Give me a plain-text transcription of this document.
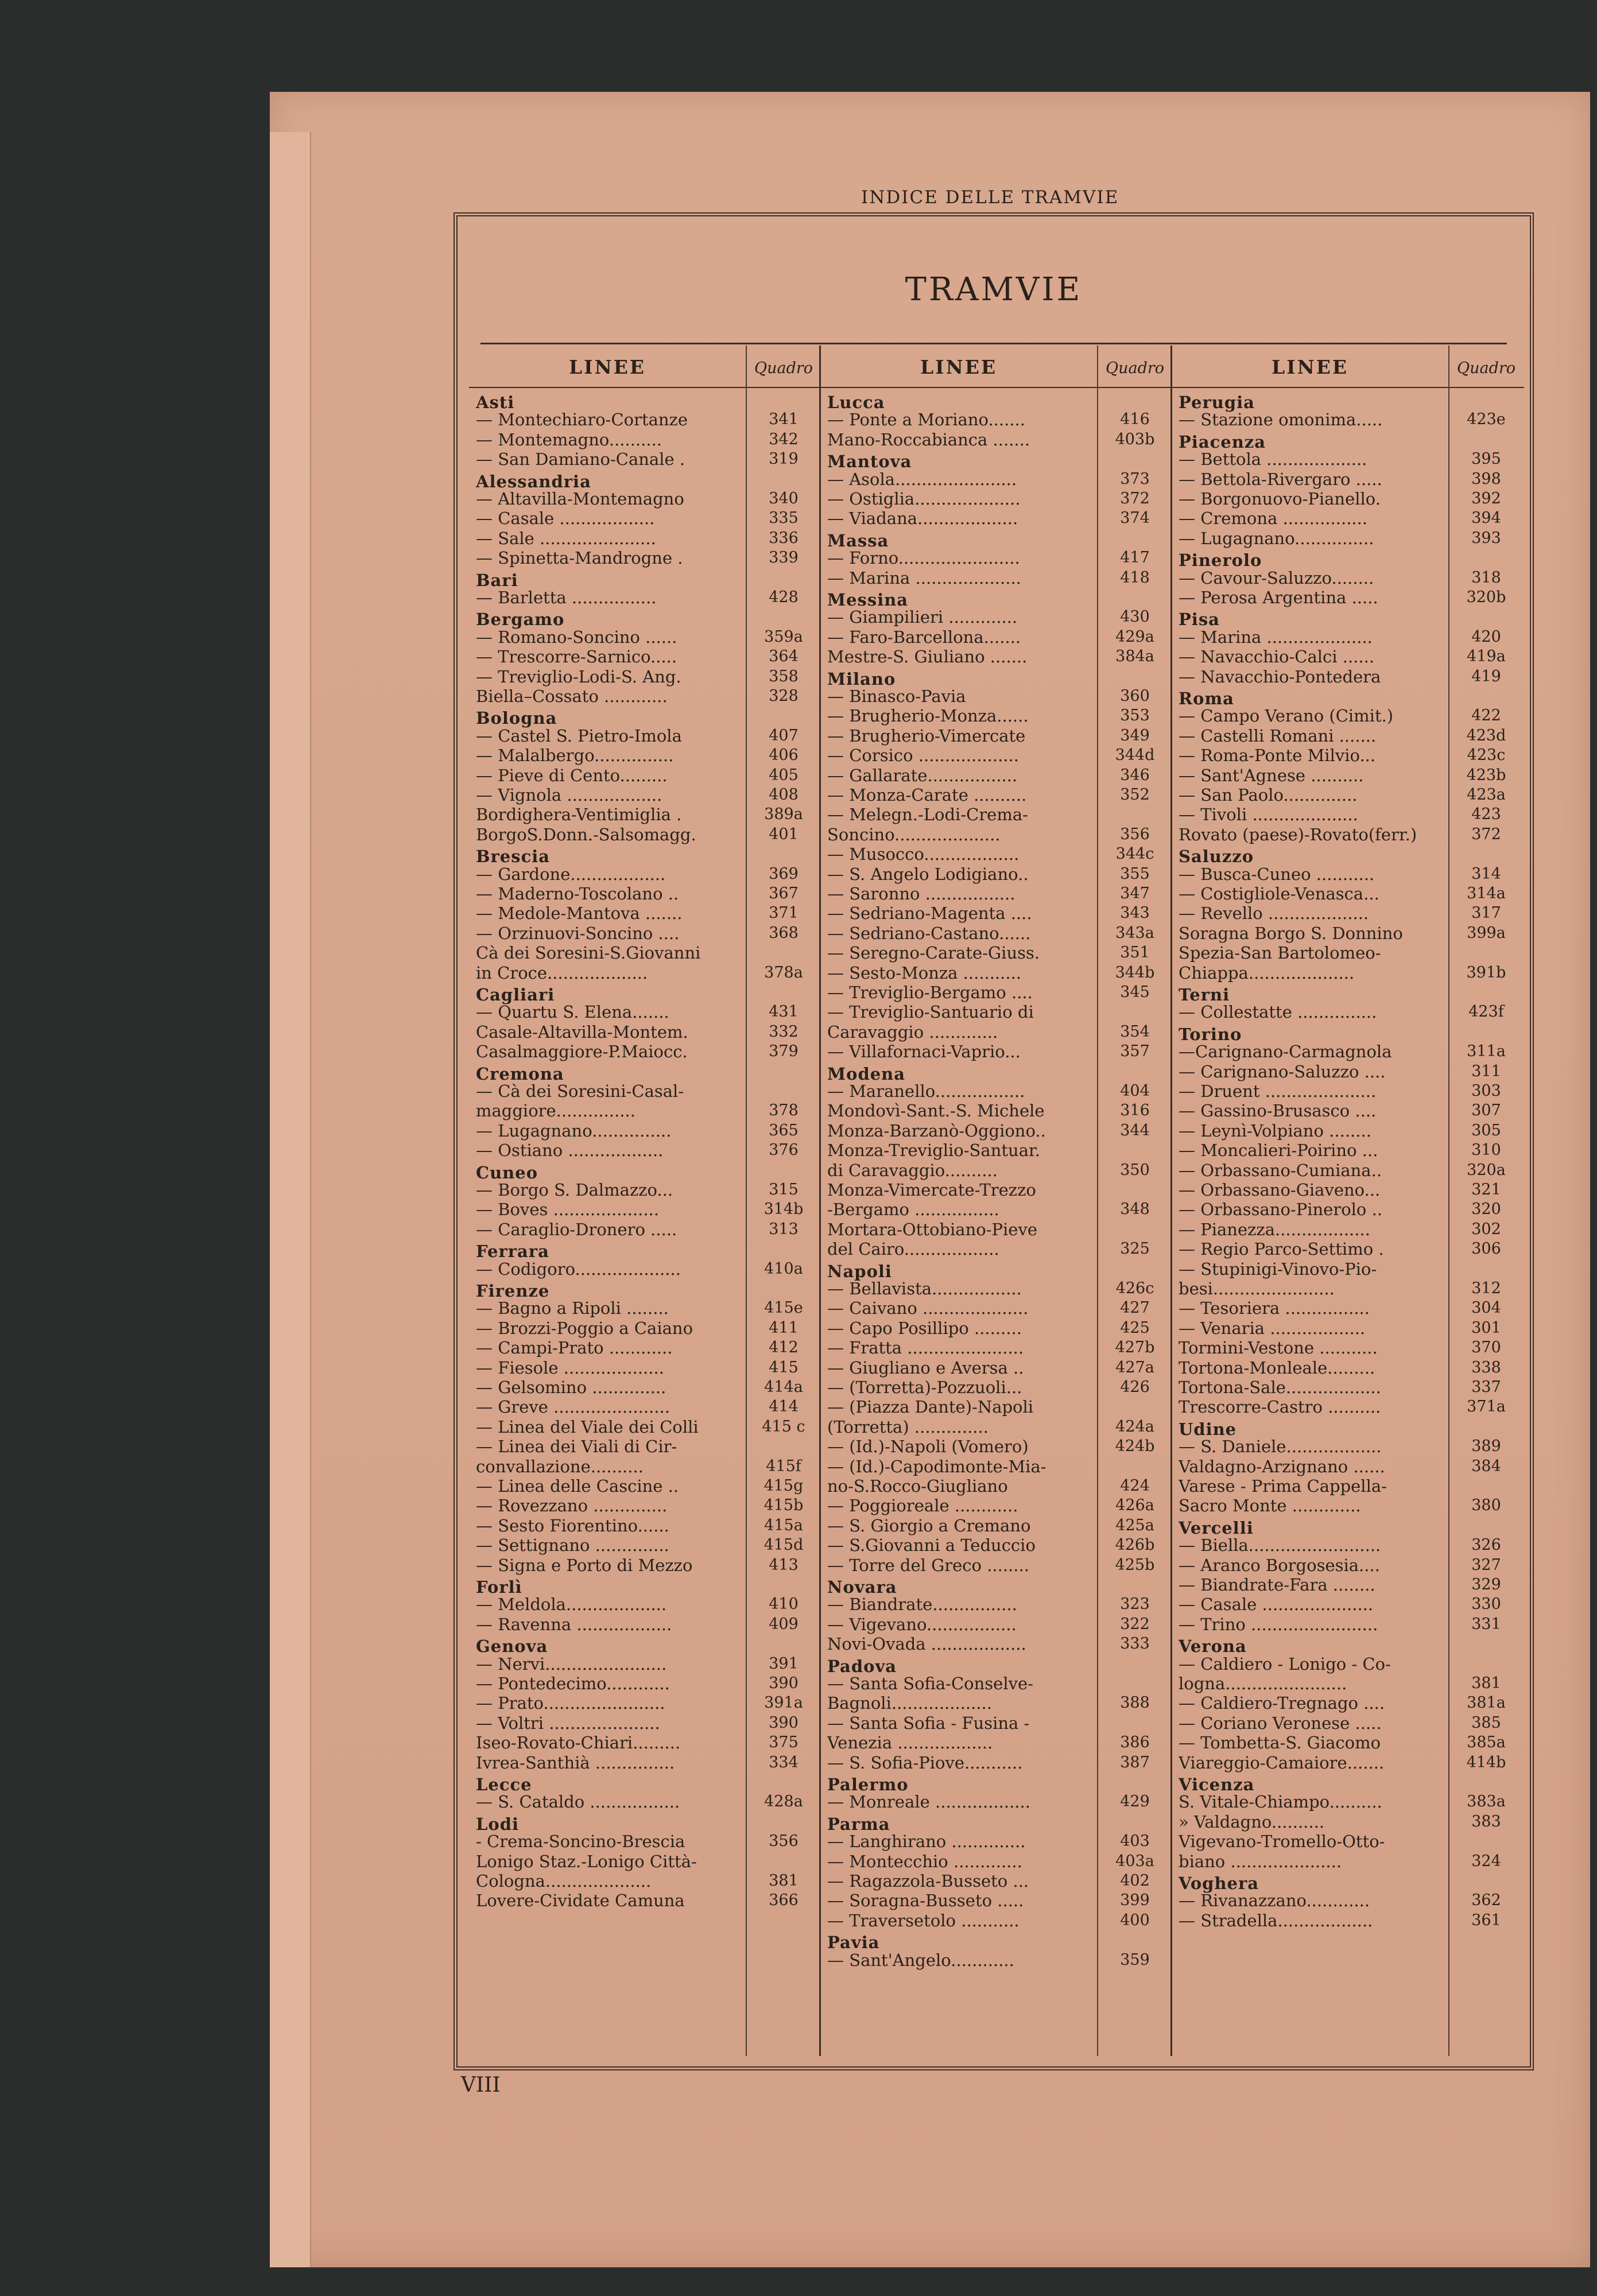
INDICE DELLE TRAMVIE
TRAMVIE
LINEE	Quadro
Asti
— Montechiaro-Cortanze	341
— Montemagno..........	342
— San Damiano-Canale .	319
Alessandria
— Altavilla-Montemagno	340
— Casale ..................	335
— Sale ......................	336
— Spinetta-Mandrogne .	339
Bari
— Barletta ................	428
Bergamo
— Romano-Soncino ......	359a
— Trescorre-Sarnico.....	364
— Treviglio-Lodi-S. Ang.	358
Biella–Cossato ............	328
Bologna
— Castel S. Pietro-Imola	407
— Malalbergo...............	406
— Pieve di Cento.........	405
— Vignola ..................	408
Bordighera-Ventimiglia .	389a
BorgoS.Donn.-Salsomagg.	401
Brescia
— Gardone..................	369
— Maderno-Toscolano ..	367
— Medole-Mantova .......	371
— Orzinuovi-Soncino ....	368
Cà dei Soresini-S.Giovanni
in Croce...................	378a
Cagliari
— Quartu S. Elena.......	431
Casale-Altavilla-Montem.	332
Casalmaggiore-P.Maiocc.	379
Cremona
— Cà dei Soresini-Casal-
maggiore...............	378
— Lugagnano...............	365
— Ostiano ..................	376
Cuneo
— Borgo S. Dalmazzo...	315
— Boves ....................	314b
— Caraglio-Dronero .....	313
Ferrara
— Codigoro....................	410a
Firenze
— Bagno a Ripoli ........	415e
— Brozzi-Poggio a Caiano	411
— Campi-Prato ............	412
— Fiesole ...................	415
— Gelsomino ..............	414a
— Greve ......................	414
— Linea del Viale dei Colli	415 c
— Linea dei Viali di Cir-
convallazione..........	415f
— Linea delle Cascine ..	415g
— Rovezzano ..............	415b
— Sesto Fiorentino......	415a
— Settignano ..............	415d
— Signa e Porto di Mezzo	413
Forlì
— Meldola...................	410
— Ravenna ..................	409
Genova
— Nervi.......................	391
— Pontedecimo............	390
— Prato.......................	391a
— Voltri .....................	390
Iseo-Rovato-Chiari.........	375
Ivrea-Santhià ...............	334
Lecce
— S. Cataldo .................	428a
Lodi
- Crema-Soncino-Brescia	356
Lonigo Staz.-Lonigo Città-
Cologna....................	381
Lovere-Cividate Camuna	366
LINEE	Quadro
Lucca
— Ponte a Moriano.......	416
Mano-Roccabianca .......	403b
Mantova
— Asola.......................	373
— Ostiglia....................	372
— Viadana...................	374
Massa
— Forno.......................	417
— Marina ....................	418
Messina
— Giampilieri .............	430
— Faro-Barcellona.......	429a
Mestre-S. Giuliano .......	384a
Milano
— Binasco-Pavia	360
— Brugherio-Monza......	353
— Brugherio-Vimercate	349
— Corsico ...................	344d
— Gallarate.................	346
— Monza-Carate ..........	352
— Melegn.-Lodi-Crema-
Soncino....................	356
— Musocco..................	344c
— S. Angelo Lodigiano..	355
— Saronno .................	347
— Sedriano-Magenta ....	343
— Sedriano-Castano......	343a
— Seregno-Carate-Giuss.	351
— Sesto-Monza ...........	344b
— Treviglio-Bergamo ....	345
— Treviglio-Santuario di
Caravaggio .............	354
— Villafornaci-Vaprio...	357
Modena
— Maranello.................	404
Mondovì-Sant.-S. Michele	316
Monza-Barzanò-Oggiono..	344
Monza-Treviglio-Santuar.
di Caravaggio..........	350
Monza-Vimercate-Trezzo
-Bergamo ................	348
Mortara-Ottobiano-Pieve
del Cairo..................	325
Napoli
— Bellavista.................	426c
— Caivano ....................	427
— Capo Posillipo .........	425
— Fratta ......................	427b
— Giugliano e Aversa ..	427a
— (Torretta)-Pozzuoli...	426
— (Piazza Dante)-Napoli
(Torretta) ..............	424a
— (Id.)-Napoli (Vomero)	424b
— (Id.)-Capodimonte-Mia-
no-S.Rocco-Giugliano	424
— Poggioreale ............	426a
— S. Giorgio a Cremano	425a
— S.Giovanni a Teduccio	426b
— Torre del Greco ........	425b
Novara
— Biandrate................	323
— Vigevano.................	322
Novi-Ovada ..................	333
Padova
— Santa Sofia-Conselve-
Bagnoli...................	388
— Santa Sofia - Fusina -
Venezia ..................	386
— S. Sofia-Piove...........	387
Palermo
— Monreale ..................	429
Parma
— Langhirano ..............	403
— Montecchio .............	403a
— Ragazzola-Busseto ...	402
— Soragna-Busseto .....	399
— Traversetolo ...........	400
Pavia
— Sant'Angelo............	359
LINEE	Quadro
Perugia
— Stazione omonima.....	423e
Piacenza
— Bettola ...................	395
— Bettola-Rivergaro .....	398
— Borgonuovo-Pianello.	392
— Cremona ................	394
— Lugagnano...............	393
Pinerolo
— Cavour-Saluzzo........	318
— Perosa Argentina .....	320b
Pisa
— Marina ....................	420
— Navacchio-Calci ......	419a
— Navacchio-Pontedera	419
Roma
— Campo Verano (Cimit.)	422
— Castelli Romani .......	423d
— Roma-Ponte Milvio...	423c
— Sant'Agnese ..........	423b
— San Paolo..............	423a
— Tivoli ....................	423
Rovato (paese)-Rovato(ferr.)	372
Saluzzo
— Busca-Cuneo ...........	314
— Costigliole-Venasca...	314a
— Revello ...................	317
Soragna Borgo S. Donnino	399a
Spezia-San Bartolomeo-
Chiappa....................	391b
Terni
— Collestatte ...............	423f
Torino
—Carignano-Carmagnola	311a
— Carignano-Saluzzo ....	311
— Druent .....................	303
— Gassino-Brusasco ....	307
— Leynì-Volpiano ........	305
— Moncalieri-Poirino ...	310
— Orbassano-Cumiana..	320a
— Orbassano-Giaveno...	321
— Orbassano-Pinerolo ..	320
— Pianezza..................	302
— Regio Parco-Settimo .	306
— Stupinigi-Vinovo-Pio-
besi.......................	312
— Tesoriera ................	304
— Venaria ..................	301
Tormini-Vestone ...........	370
Tortona-Monleale.........	338
Tortona-Sale..................	337
Trescorre-Castro ..........	371a
Udine
— S. Daniele..................	389
Valdagno-Arzignano ......	384
Varese - Prima Cappella-
Sacro Monte .............	380
Vercelli
— Biella.........................	326
— Aranco Borgosesia....	327
— Biandrate-Fara ........	329
— Casale .....................	330
— Trino ........................	331
Verona
— Caldiero - Lonigo - Co-
logna.......................	381
— Caldiero-Tregnago ....	381a
— Coriano Veronese .....	385
— Tombetta-S. Giacomo	385a
Viareggio-Camaiore.......	414b
Vicenza
S. Vitale-Chiampo..........	383a
» Valdagno..........	383
Vigevano-Tromello-Otto-
biano .....................	324
Voghera
— Rivanazzano............	362
— Stradella..................	361
VIII
